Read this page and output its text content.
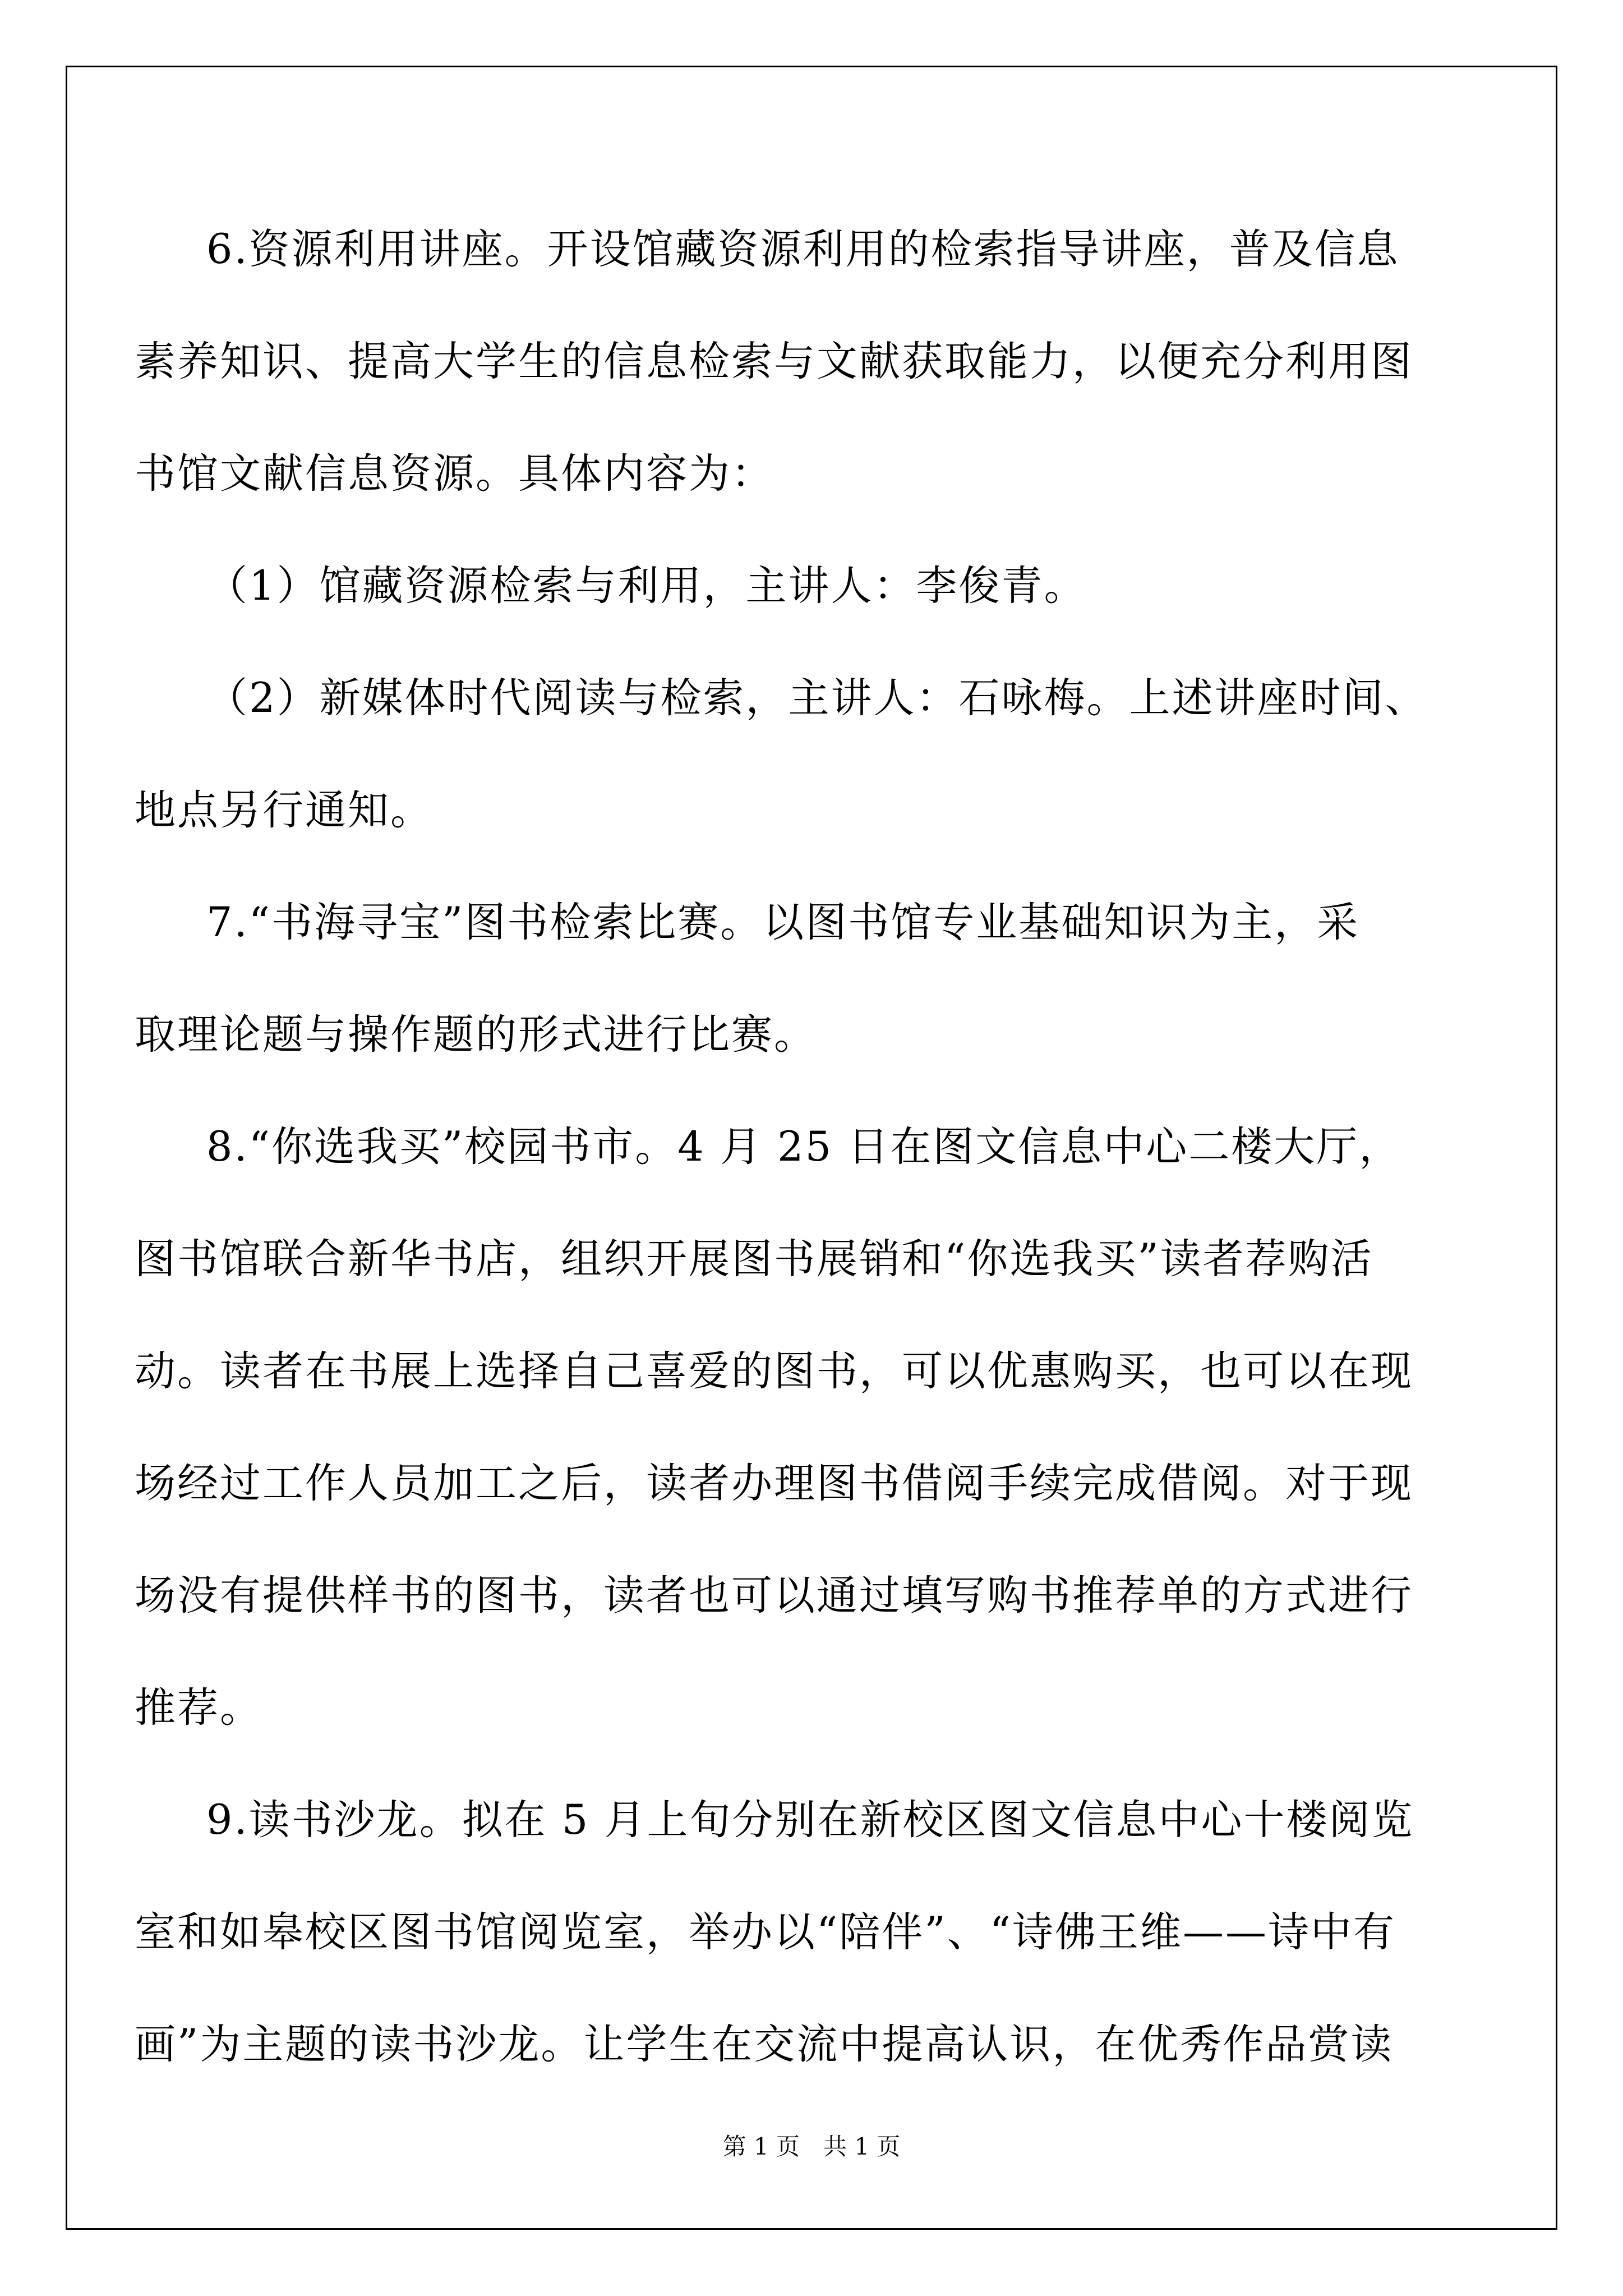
6.资源利用讲座。开设馆藏资源利用的检索指导讲座，普及信息
素养知识、提高大学生的信息检索与文献获取能力，以便充分利用图
书馆文献信息资源。具体内容为：
（1）馆藏资源检索与利用，主讲人：李俊青。
（2）新媒体时代阅读与检索，主讲人：石咏梅。上述讲座时间、
地点另行通知。
7.“书海寻宝”图书检索比赛。以图书馆专业基础知识为主，采
取理论题与操作题的形式进行比赛。
8.“你选我买”校园书市。4 月 25 日在图文信息中心二楼大厅，
图书馆联合新华书店，组织开展图书展销和“你选我买”读者荐购活
动。读者在书展上选择自己喜爱的图书，可以优惠购买，也可以在现
场经过工作人员加工之后，读者办理图书借阅手续完成借阅。对于现
场没有提供样书的图书，读者也可以通过填写购书推荐单的方式进行
推荐。
9.读书沙龙。拟在 5 月上旬分别在新校区图文信息中心十楼阅览
室和如皋校区图书馆阅览室，举办以“陪伴”、“诗佛王维——诗中有
画”为主题的读书沙龙。让学生在交流中提高认识，在优秀作品赏读
第 1 页　共 1 页
